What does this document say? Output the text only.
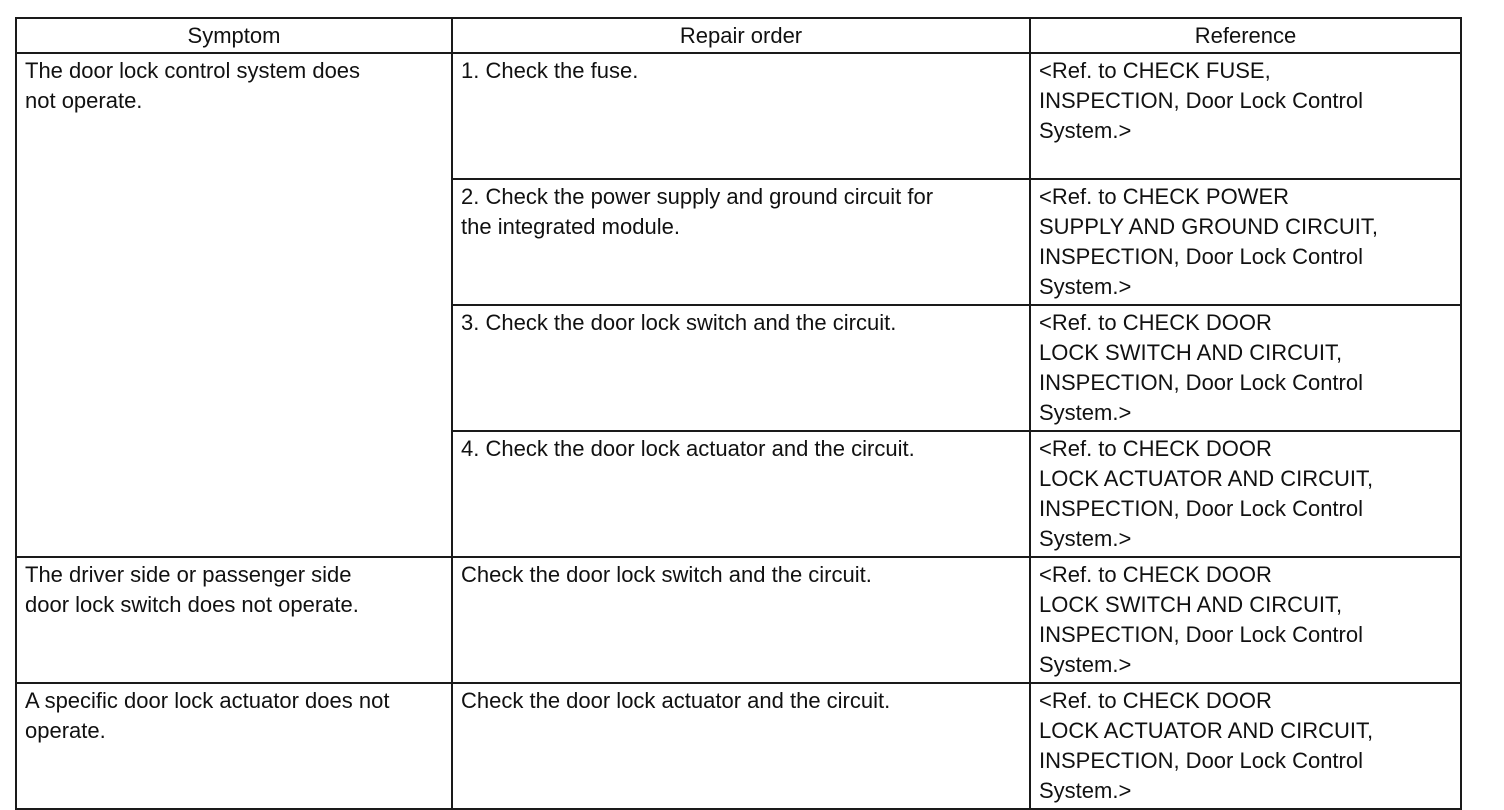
Symptom	Repair order	Reference

The door lock control system does
not operate.	1. Check the fuse.	<Ref. to CHECK FUSE,
INSPECTION, Door Lock Control
System.>

	2. Check the power supply and ground circuit for
the integrated module.	<Ref. to CHECK POWER
SUPPLY AND GROUND CIRCUIT,
INSPECTION, Door Lock Control
System.>

	3. Check the door lock switch and the circuit.	<Ref. to CHECK DOOR
LOCK SWITCH AND CIRCUIT,
INSPECTION, Door Lock Control
System.>

	4. Check the door lock actuator and the circuit.	<Ref. to CHECK DOOR
LOCK ACTUATOR AND CIRCUIT,
INSPECTION, Door Lock Control
System.>

The driver side or passenger side
door lock switch does not operate.	Check the door lock switch and the circuit.	<Ref. to CHECK DOOR
LOCK SWITCH AND CIRCUIT,
INSPECTION, Door Lock Control
System.>

A specific door lock actuator does not
operate.	Check the door lock actuator and the circuit.	<Ref. to CHECK DOOR
LOCK ACTUATOR AND CIRCUIT,
INSPECTION, Door Lock Control
System.>
